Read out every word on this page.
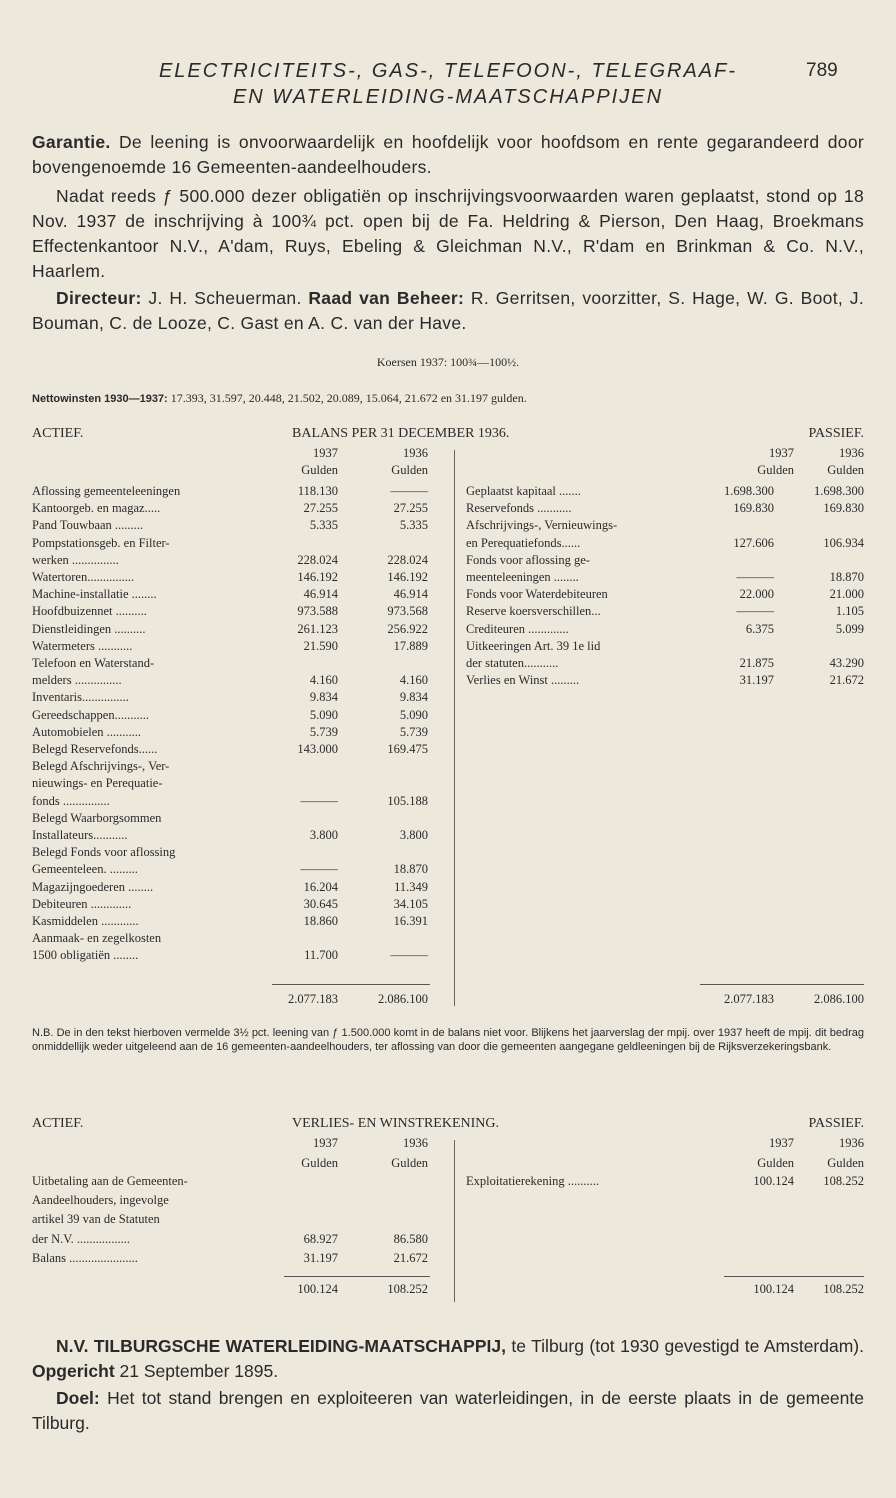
ELECTRICITEITS-, GAS-, TELEFOON-, TELEGRAAF-
EN WATERLEIDING-MAATSCHAPPIJEN
789
Garantie. De leening is onvoorwaardelijk en hoofdelijk voor hoofdsom en rente gegarandeerd door bovengenoemde 16 Gemeenten-aandeelhouders.
Nadat reeds ƒ 500.000 dezer obligatiën op inschrijvingsvoorwaarden waren geplaatst, stond op 18 Nov. 1937 de inschrijving à 100¾ pct. open bij de Fa. Heldring & Pierson, Den Haag, Broekmans Effectenkantoor N.V., A'dam, Ruys, Ebeling & Gleichman N.V., R'dam en Brinkman & Co. N.V., Haarlem.
Directeur: J. H. Scheuerman. Raad van Beheer: R. Gerritsen, voorzitter, S. Hage, W. G. Boot, J. Bouman, C. de Looze, C. Gast en A. C. van der Have.
Koersen 1937: 100¾—100½.
Nettowinsten 1930—1937: 17.393, 31.597, 20.448, 21.502, 20.089, 15.064, 21.672 en 31.197 gulden.
ACTIEF.	BALANS PER 31 DECEMBER 1936.	PASSIEF.
1937	1936
Gulden	Gulden
1937	1936
Gulden	Gulden
Aflossing gemeenteleeningen	118.130	———
Kantoorgeb. en magaz.....	27.255	27.255
Pand Touwbaan .........	5.335	5.335
Pompstationsgeb. en Filter-
werken ...............	228.024	228.024
Watertoren...............	146.192	146.192
Machine-installatie ........	46.914	46.914
Hoofdbuizennet ..........	973.588	973.568
Dienstleidingen ..........	261.123	256.922
Watermeters ...........	21.590	17.889
Telefoon en Waterstand-
melders ...............	4.160	4.160
Inventaris...............	9.834	9.834
Gereedschappen...........	5.090	5.090
Automobielen ...........	5.739	5.739
Belegd Reservefonds......	143.000	169.475
Belegd Afschrijvings-, Ver-
nieuwings- en Perequatie-
fonds ...............	———	105.188
Belegd Waarborgsommen
Installateurs...........	3.800	3.800
Belegd Fonds voor aflossing
Gemeenteleen. .........	———	18.870
Magazijngoederen ........	16.204	11.349
Debiteuren .............	30.645	34.105
Kasmiddelen ............	18.860	16.391
Aanmaak- en zegelkosten
1500 obligatiën ........	11.700	———
Geplaatst kapitaal .......	1.698.300	1.698.300
Reservefonds ...........	169.830	169.830
Afschrijvings-, Vernieuwings-
en Perequatiefonds......	127.606	106.934
Fonds voor aflossing ge-
meenteleeningen ........	———	18.870
Fonds voor Waterdebiteuren	22.000	21.000
Reserve koersverschillen...	———	1.105
Crediteuren .............	6.375	5.099
Uitkeeringen Art. 39 1e lid
der statuten...........	21.875	43.290
Verlies en Winst .........	31.197	21.672
2.077.183	2.086.100	2.077.183	2.086.100
N.B. De in den tekst hierboven vermelde 3½ pct. leening van ƒ 1.500.000 komt in de balans niet voor. Blijkens het jaarverslag der mpij. over 1937 heeft de mpij. dit bedrag onmiddellijk weder uitgeleend aan de 16 gemeenten-aandeelhouders, ter aflossing van door die gemeenten aangegane geldleeningen bij de Rijksverzekeringsbank.
ACTIEF.	VERLIES- EN WINSTREKENING.	PASSIEF.
1937	1936
Gulden	Gulden
1937	1936
Gulden	Gulden
Uitbetaling aan de Gemeenten-
Aandeelhouders, ingevolge
artikel 39 van de Statuten
der N.V. .................	68.927	86.580
Balans ......................	31.197	21.672
Exploitatierekening ..........	100.124	108.252
100.124	108.252	100.124	108.252
N.V. TILBURGSCHE WATERLEIDING-MAATSCHAPPIJ, te Tilburg (tot 1930 gevestigd te Amsterdam). Opgericht 21 September 1895.
Doel: Het tot stand brengen en exploiteeren van waterleidingen, in de eerste plaats in de gemeente Tilburg.
